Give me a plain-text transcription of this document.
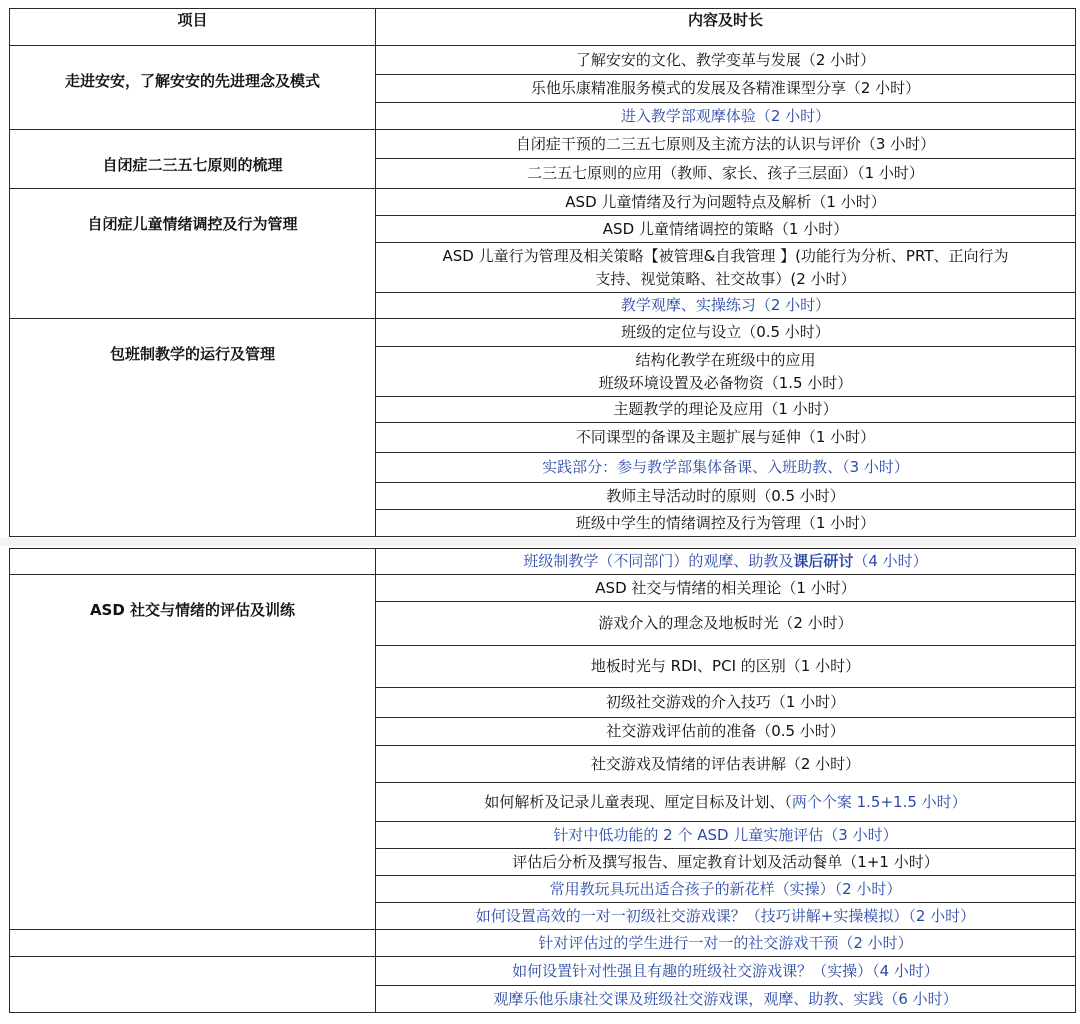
项目	内容及时长
走进安安，了解安安的先进理念及模式	了解安安的文化、教学变革与发展（2 小时）
	乐他乐康精准服务模式的发展及各精准课型分享（2 小时）
	进入教学部观摩体验（2 小时）
自闭症二三五七原则的梳理	自闭症干预的二三五七原则及主流方法的认识与评价（3 小时）
	二三五七原则的应用（教师、家长、孩子三层面）（1 小时）
自闭症儿童情绪调控及行为管理	ASD 儿童情绪及行为问题特点及解析（1 小时）
	ASD 儿童情绪调控的策略（1 小时）

	ASD 儿童行为管理及相关策略【被管理&自我管理 】(功能行为分析、PRT、正向行为
支持、视觉策略、社交故事）(2 小时）

	教学观摩、实操练习（2 小时）
包班制教学的运行及管理	班级的定位与设立（0.5 小时）

	结构化教学在班级中的应用
班级环境设置及必备物资（1.5 小时）

	主题教学的理论及应用（1 小时）
	不同课型的备课及主题扩展与延伸（1 小时）
	实践部分：参与教学部集体备课、入班助教、（3 小时）
	教师主导活动时的原则（0.5 小时）
	班级中学生的情绪调控及行为管理（1 小时）
	班级制教学（不同部门）的观摩、助教及课后研讨（4 小时）
ASD 社交与情绪的评估及训练	ASD 社交与情绪的相关理论（1 小时）
	游戏介入的理念及地板时光（2 小时）
	地板时光与 RDI、PCI 的区别（1 小时）
	初级社交游戏的介入技巧（1 小时）
	社交游戏评估前的准备（0.5 小时）
	社交游戏及情绪的评估表讲解（2 小时）
	如何解析及记录儿童表现、厘定目标及计划、（两个个案 1.5+1.5 小时）
	针对中低功能的 2 个 ASD 儿童实施评估（3 小时）
	评估后分析及撰写报告、厘定教育计划及活动餐单（1+1 小时）
	常用教玩具玩出适合孩子的新花样（实操）（2 小时）
	如何设置高效的一对一初级社交游戏课？（技巧讲解+实操模拟）（2 小时）
	针对评估过的学生进行一对一的社交游戏干预（2 小时）
	如何设置针对性强且有趣的班级社交游戏课？（实操）（4 小时）
	观摩乐他乐康社交课及班级社交游戏课，观摩、助教、实践（6 小时）
